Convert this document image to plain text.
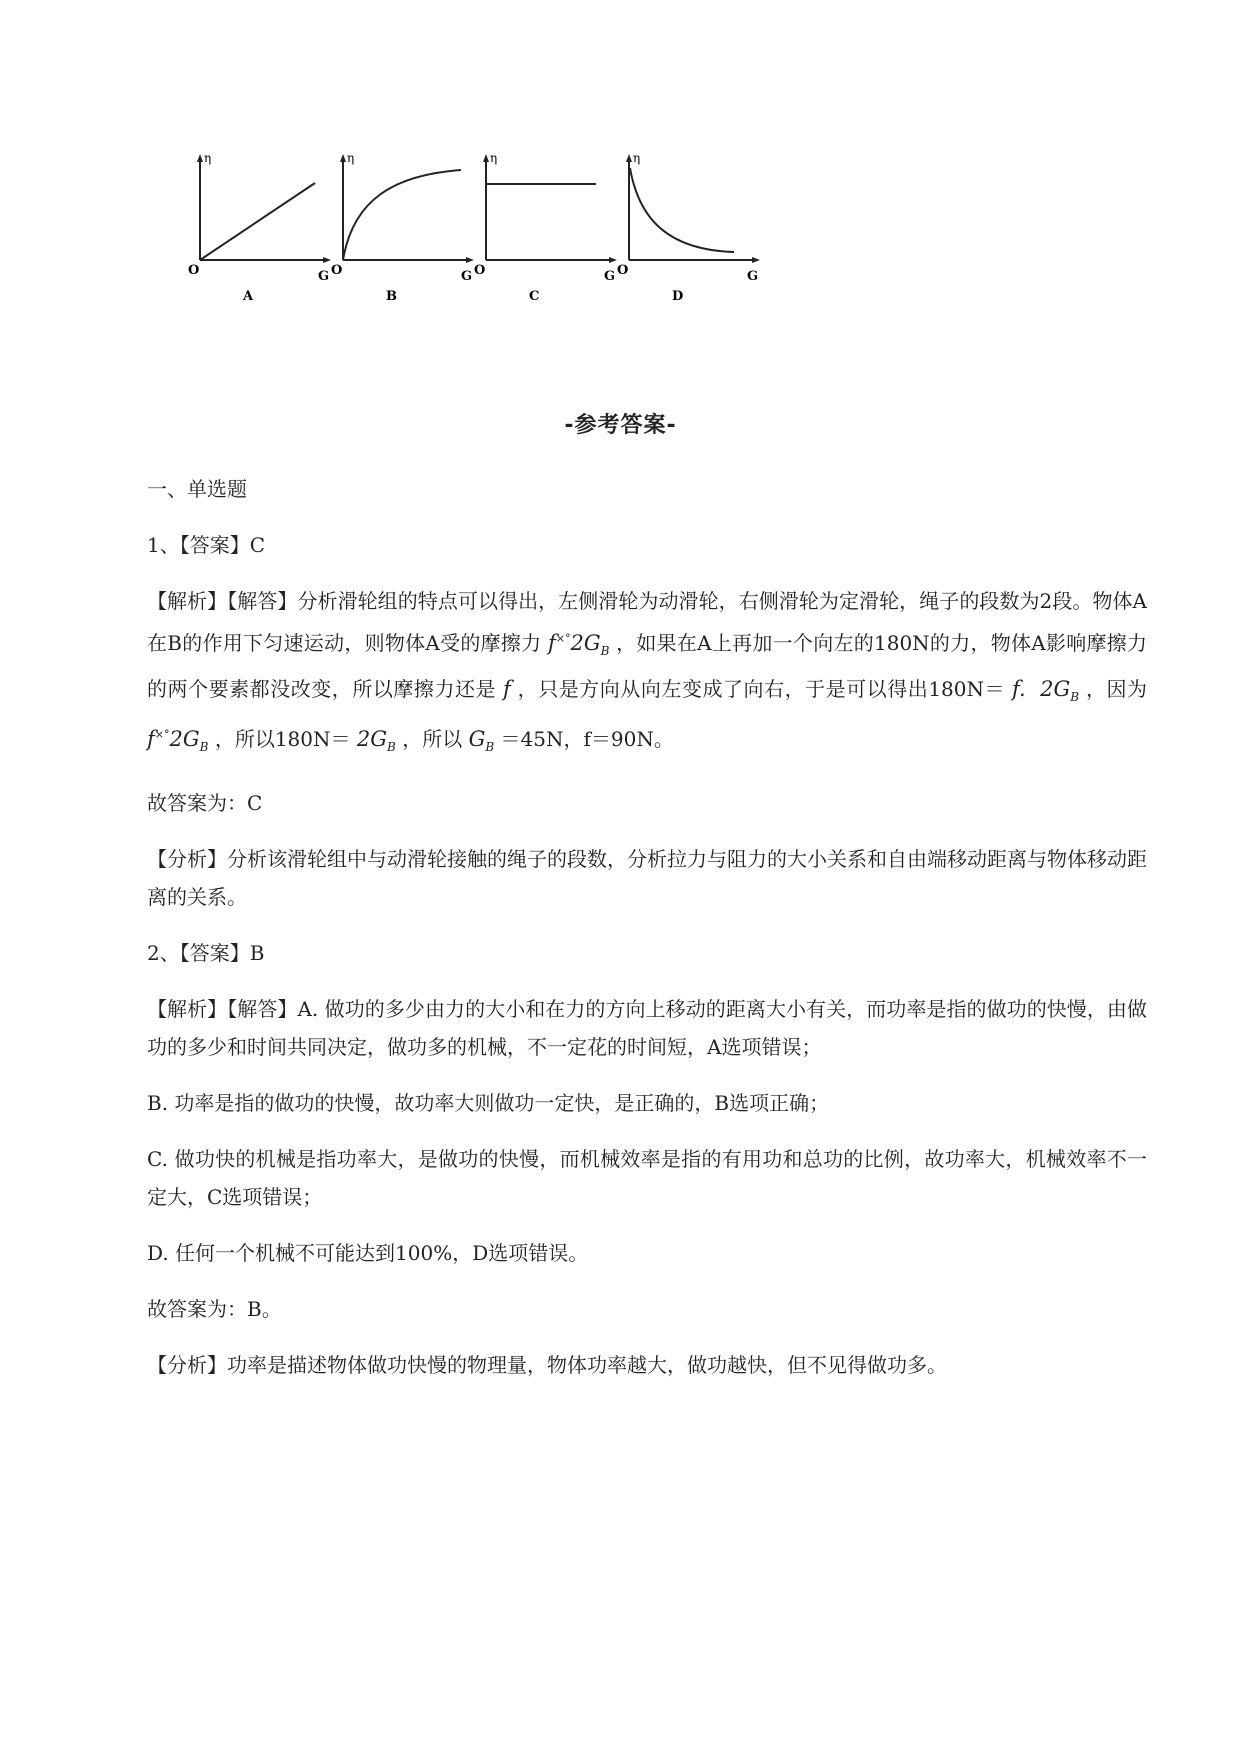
η
O	G
A
η
O	G
B
η
O	G
C
η
O	G
D
-参考答案-

一、单选题

1、【答案】C

【解析】【解答】分析滑轮组的特点可以得出，左侧滑轮为动滑轮，右侧滑轮为定滑轮，绳子的段数为2段。物体A在B的作用下匀速运动，则物体A受的摩擦力 $f^{\times^\circ}2G_B$ ，如果在A上再加一个向左的180N的力，物体A影响摩擦力的两个要素都没改变，所以摩擦力还是 f ，只是方向从向左变成了向右，于是可以得出180N＝ f. $2G_B$ ，因为 $f^{\times^\circ}2G_B$ ，所以$180N= 2G_B$ ，所以 $G_B =45N$，f＝90N。

故答案为：C

【分析】分析该滑轮组中与动滑轮接触的绳子的段数，分析拉力与阻力的大小关系和自由端移动距离与物体移动距离的关系。

2、【答案】B

【解析】【解答】A. 做功的多少由力的大小和在力的方向上移动的距离大小有关，而功率是指的做功的快慢，由做功的多少和时间共同决定，做功多的机械，不一定花的时间短，A选项错误；

B. 功率是指的做功的快慢，故功率大则做功一定快，是正确的，B选项正确；

C. 做功快的机械是指功率大，是做功的快慢，而机械效率是指的有用功和总功的比例，故功率大，机械效率不一定大，C选项错误；

D. 任何一个机械不可能达到100%，D选项错误。

故答案为：B。

【分析】功率是描述物体做功快慢的物理量，物体功率越大，做功越快，但不见得做功多。
